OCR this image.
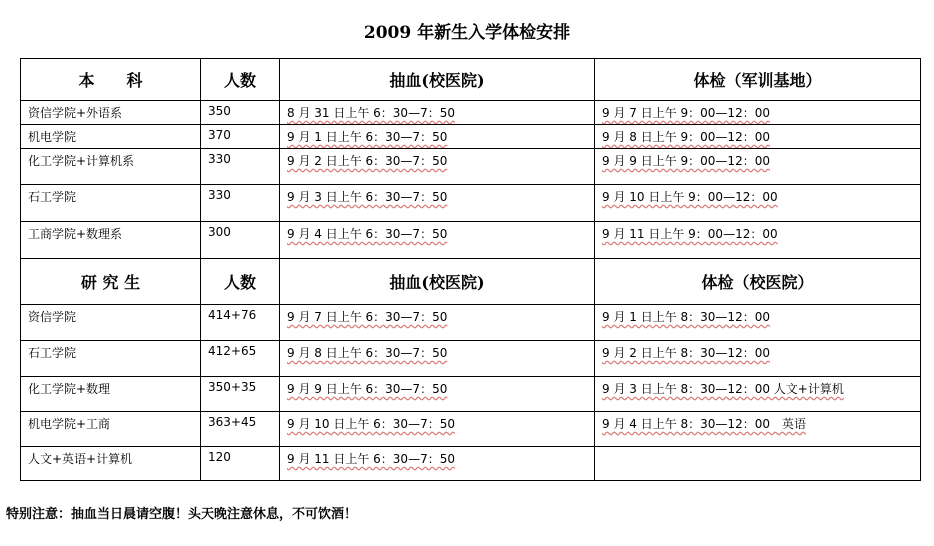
2009 年新生入学体检安排
本　　科	人数	抽血(校医院)	体检（军训基地）

资信学院+外语系	350	8 月 31 日上午 6：30—7：50	9 月 7 日上午 9：00—12：00

机电学院	370	9 月 1 日上午 6：30—7：50	9 月 8 日上午 9：00—12：00

化工学院+计算机系	330	9 月 2 日上午 6：30—7：50	9 月 9 日上午 9：00—12：00

石工学院	330	9 月 3 日上午 6：30—7：50	9 月 10 日上午 9：00—12：00

工商学院+数理系	300	9 月 4 日上午 6：30—7：50	9 月 11 日上午 9：00—12：00

研 究 生	人数	抽血(校医院)	体检（校医院）

资信学院	414+76	9 月 7 日上午 6：30—7：50	9 月 1 日上午 8：30—12：00

石工学院	412+65	9 月 8 日上午 6：30—7：50	9 月 2 日上午 8：30—12：00

化工学院+数理	350+35	9 月 9 日上午 6：30—7：50	9 月 3 日上午 8：30—12：00 人文+计算机

机电学院+工商	363+45	9 月 10 日上午 6：30—7：50	9 月 4 日上午 8：30—12：00　英语

人文+英语+计算机	120	9 月 11 日上午 6：30—7：50	

特别注意：抽血当日晨请空腹！头天晚注意休息，不可饮酒！
